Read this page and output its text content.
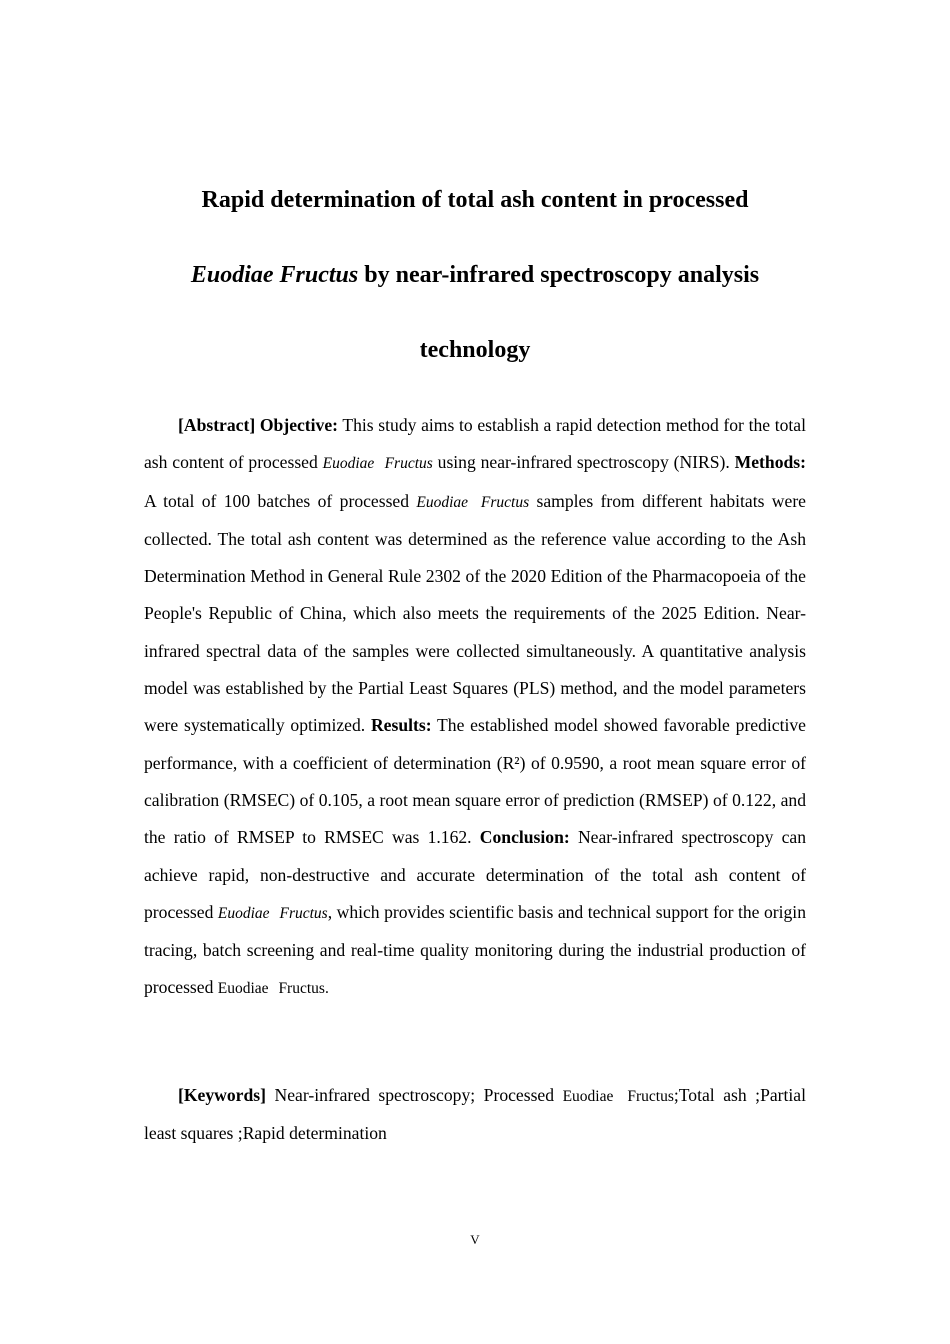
Rapid determination of total ash content in processed
Euodiae Fructus by near-infrared spectroscopy analysis
technology

[Abstract] Objective: This study aims to establish a rapid detection method for the total ash content of processed Euodiae Fructus using near-infrared spectroscopy (NIRS). Methods: A total of 100 batches of processed Euodiae Fructus samples from different habitats were collected. The total ash content was determined as the reference value according to the Ash Determination Method in General Rule 2302 of the 2020 Edition of the Pharmacopoeia of the People's Republic of China, which also meets the requirements of the 2025 Edition. Near-infrared spectral data of the samples were collected simultaneously. A quantitative analysis model was established by the Partial Least Squares (PLS) method, and the model parameters were systematically optimized. Results: The established model showed favorable predictive performance, with a coefficient of determination (R²) of 0.9590, a root mean square error of calibration (RMSEC) of 0.105, a root mean square error of prediction (RMSEP) of 0.122, and the ratio of RMSEP to RMSEC was 1.162. Conclusion: Near-infrared spectroscopy can achieve rapid, non-destructive and accurate determination of the total ash content of processed Euodiae Fructus, which provides scientific basis and technical support for the origin tracing, batch screening and real-time quality monitoring during the industrial production of processed Euodiae Fructus.

[Keywords] Near-infrared spectroscopy; Processed Euodiae Fructus;Total ash ;Partial least squares ;Rapid determination

V
